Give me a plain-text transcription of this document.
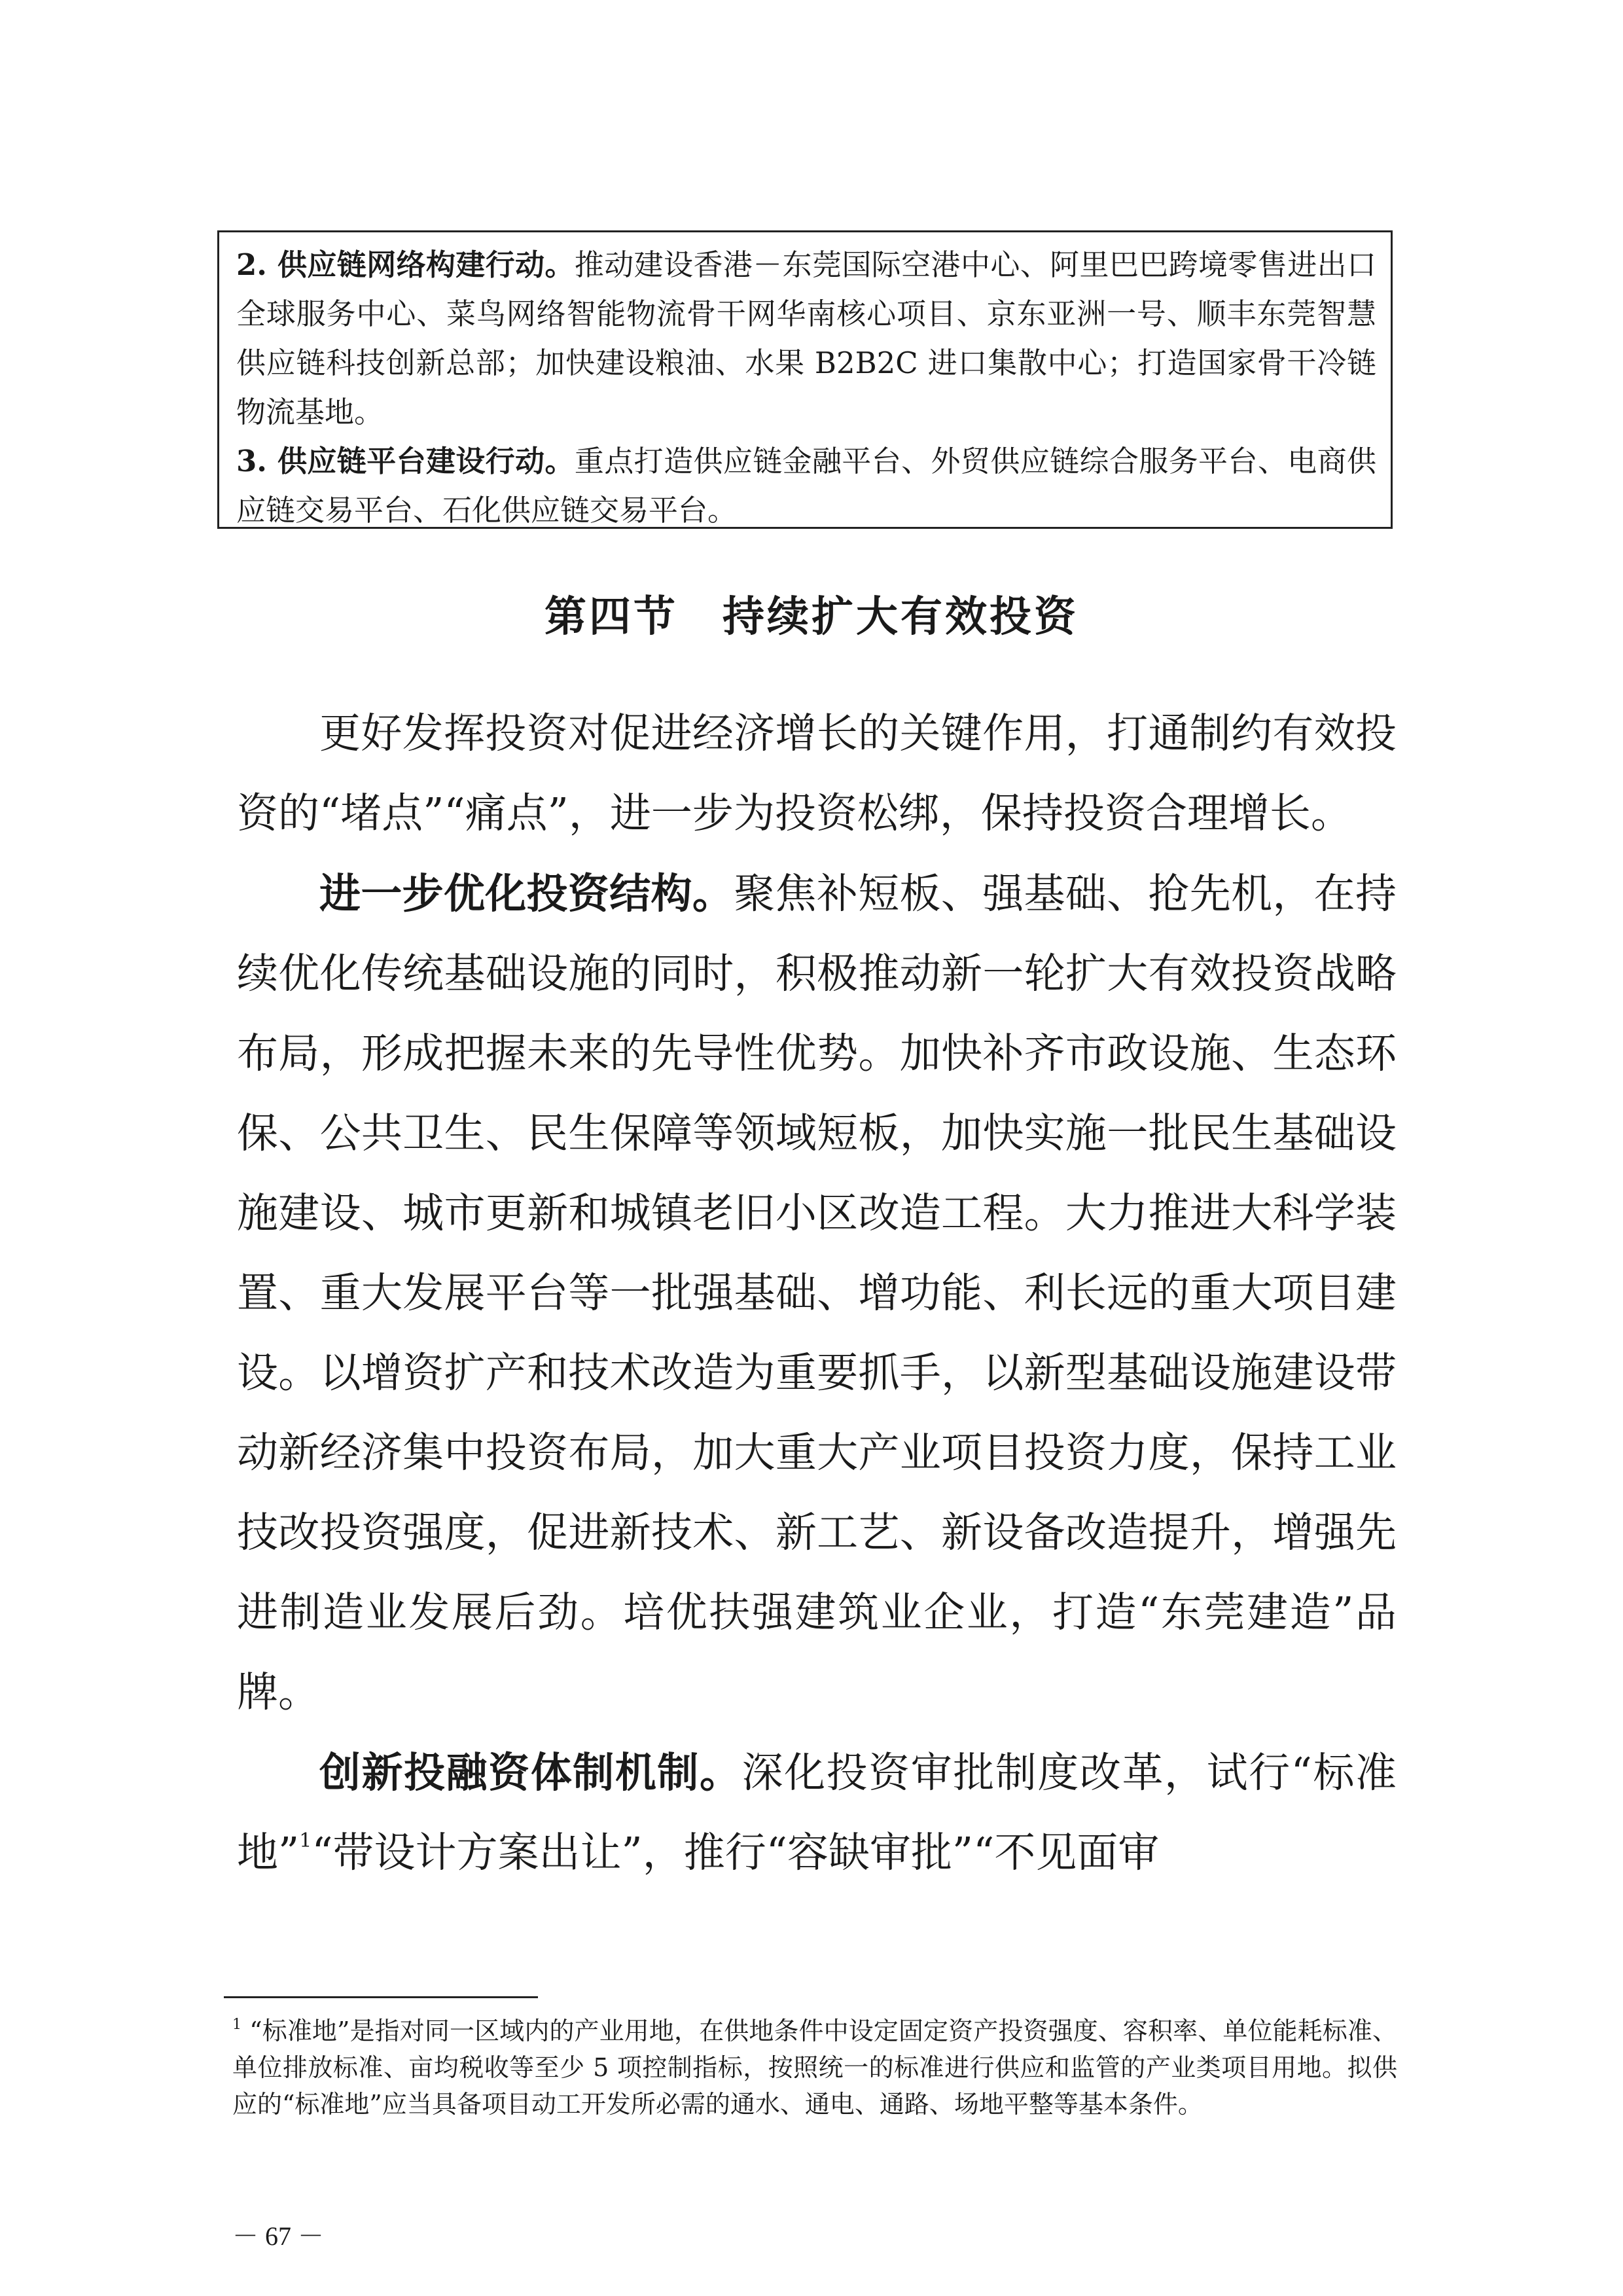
2. 供应链网络构建行动。推动建设香港－东莞国际空港中心、阿里巴巴跨境零售进出口全球服务中心、菜鸟网络智能物流骨干网华南核心项目、京东亚洲一号、顺丰东莞智慧供应链科技创新总部；加快建设粮油、水果 B2B2C 进口集散中心；打造国家骨干冷链物流基地。

3. 供应链平台建设行动。重点打造供应链金融平台、外贸供应链综合服务平台、电商供应链交易平台、石化供应链交易平台。

第四节　持续扩大有效投资

更好发挥投资对促进经济增长的关键作用，打通制约有效投资的“堵点”“痛点”，进一步为投资松绑，保持投资合理增长。

进一步优化投资结构。聚焦补短板、强基础、抢先机，在持续优化传统基础设施的同时，积极推动新一轮扩大有效投资战略布局，形成把握未来的先导性优势。加快补齐市政设施、生态环保、公共卫生、民生保障等领域短板，加快实施一批民生基础设施建设、城市更新和城镇老旧小区改造工程。大力推进大科学装置、重大发展平台等一批强基础、增功能、利长远的重大项目建设。以增资扩产和技术改造为重要抓手，以新型基础设施建设带动新经济集中投资布局，加大重大产业项目投资力度，保持工业技改投资强度，促进新技术、新工艺、新设备改造提升，增强先进制造业发展后劲。培优扶强建筑业企业，打造“东莞建造”品牌。

创新投融资体制机制。深化投资审批制度改革，试行“标准地”$^1$“带设计方案出让”，推行“容缺审批”“不见面审

$^1$ “标准地”是指对同一区域内的产业用地，在供地条件中设定固定资产投资强度、容积率、单位能耗标准、单位排放标准、亩均税收等至少 5 项控制指标，按照统一的标准进行供应和监管的产业类项目用地。拟供应的“标准地”应当具备项目动工开发所必需的通水、通电、通路、场地平整等基本条件。

－ 67 －
